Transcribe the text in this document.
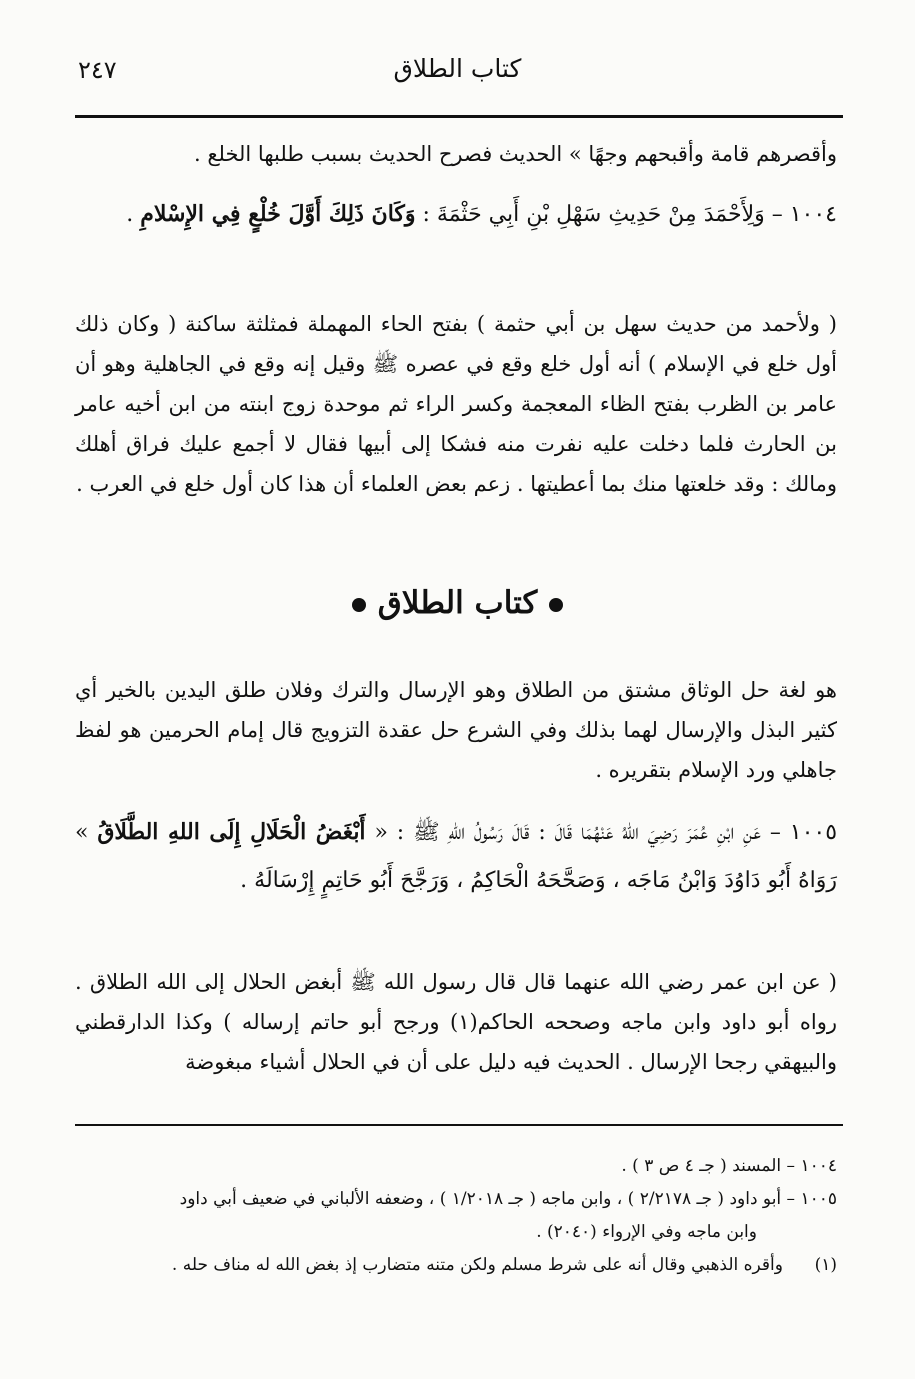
٢٤٧	كتاب الطلاق

وأقصرهم قامة وأقبحهم وجهًا » الحديث فصرح الحديث بسبب طلبها الخلع .

١٠٠٤ – وَلِأَحْمَدَ مِنْ حَدِيثِ سَهْلِ بْنِ أَبِي حَثْمَةَ : وَكَانَ ذَلِكَ أَوَّلَ خُلْعٍ فِي الإِسْلامِ .

( ولأحمد من حديث سهل بن أبي حثمة ) بفتح الحاء المهملة فمثلثة ساكنة ( وكان ذلك أول خلع في الإسلام ) أنه أول خلع وقع في عصره ﷺ وقيل إنه وقع في الجاهلية وهو أن عامر بن الظرب بفتح الظاء المعجمة وكسر الراء ثم موحدة زوج ابنته من ابن أخيه عامر بن الحارث فلما دخلت عليه نفرت منه فشكا إلى أبيها فقال لا أجمع عليك فراق أهلك ومالك : وقد خلعتها منك بما أعطيتها . زعم بعض العلماء أن هذا كان أول خلع في العرب .

كتاب الطلاق

هو لغة حل الوثاق مشتق من الطلاق وهو الإرسال والترك وفلان طلق اليدين بالخير أي كثير البذل والإرسال لهما بذلك وفي الشرع حل عقدة التزويج قال إمام الحرمين هو لفظ جاهلي ورد الإسلام بتقريره .

١٠٠٥ – عَنِ ابْنِ عُمَرَ رَضِيَ اللهُ عَنْهُمَا قَالَ : قَالَ رَسُولُ اللهِ ﷺ : « أَبْغَضُ الْحَلَالِ إِلَى اللهِ الطَّلَاقُ » رَوَاهُ أَبُو دَاوُدَ وَابْنُ مَاجَه ، وَصَحَّحَهُ الْحَاكِمُ ، وَرَجَّحَ أَبُو حَاتِمٍ إِرْسَالَهُ .

( عن ابن عمر رضي الله عنهما قال قال رسول الله ﷺ أبغض الحلال إلى الله الطلاق . رواه أبو داود وابن ماجه وصححه الحاكم(١) ورجح أبو حاتم إرساله ) وكذا الدارقطني والبيهقي رجحا الإرسال . الحديث فيه دليل على أن في الحلال أشياء مبغوضة

١٠٠٤ – المسند ( جـ ٤ ص ٣ ) .

١٠٠٥ – أبو داود ( جـ ٢/٢١٧٨ ) ، وابن ماجه ( جـ ١/٢٠١٨ ) ، وضعفه الألباني في ضعيف أبي داود

وابن ماجه وفي الإرواء (٢٠٤٠) .

(١)وأقره الذهبي وقال أنه على شرط مسلم ولكن متنه متضارب إذ بغض الله له مناف حله .
